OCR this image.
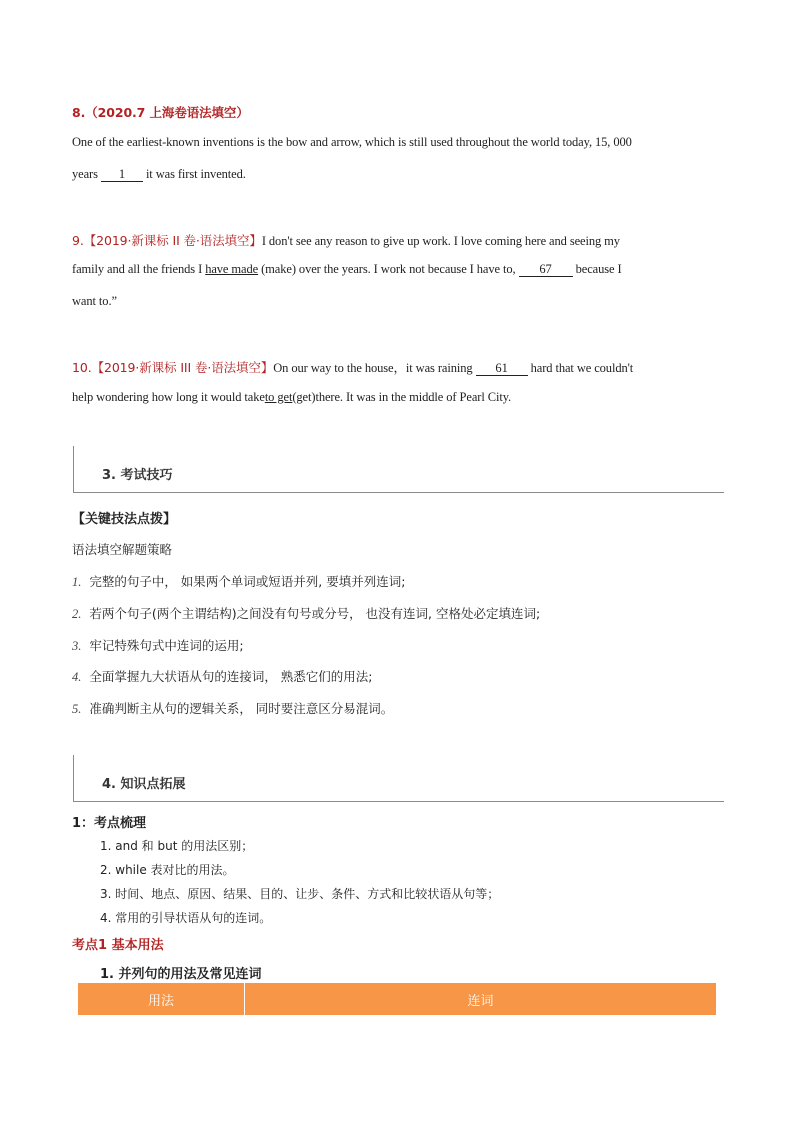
8.（2020.7 上海卷语法填空）
One of the earliest-known inventions is the bow and arrow, which is still used throughout the world today, 15, 000
years 1 it was first invented.
9.【2019·新课标 II 卷·语法填空】I don't see any reason to give up work. I love coming here and seeing my
family and all the friends I have made (make) over the years. I work not because I have to, 67 because I
want to.”
10.【2019·新课标 III 卷·语法填空】On our way to the house，it was raining 61 hard that we couldn't
help wondering how long it would taketo get(get)there. It was in the middle of Pearl City.
3. 考试技巧
【关键技法点拨】
语法填空解题策略
1. 完整的句子中， 如果两个单词或短语并列, 要填并列连词;
2. 若两个句子(两个主谓结构)之间没有句号或分号， 也没有连词, 空格处必定填连词;
3. 牢记特殊句式中连词的运用;
4. 全面掌握九大状语从句的连接词， 熟悉它们的用法;
5. 准确判断主从句的逻辑关系， 同时要注意区分易混词。
4. 知识点拓展
1：考点梳理
1. and 和 but 的用法区别；
2. while 表对比的用法。
3. 时间、地点、原因、结果、目的、让步、条件、方式和比较状语从句等；
4. 常用的引导状语从句的连词。
考点1 基本用法
1. 并列句的用法及常见连词
用法	连词
